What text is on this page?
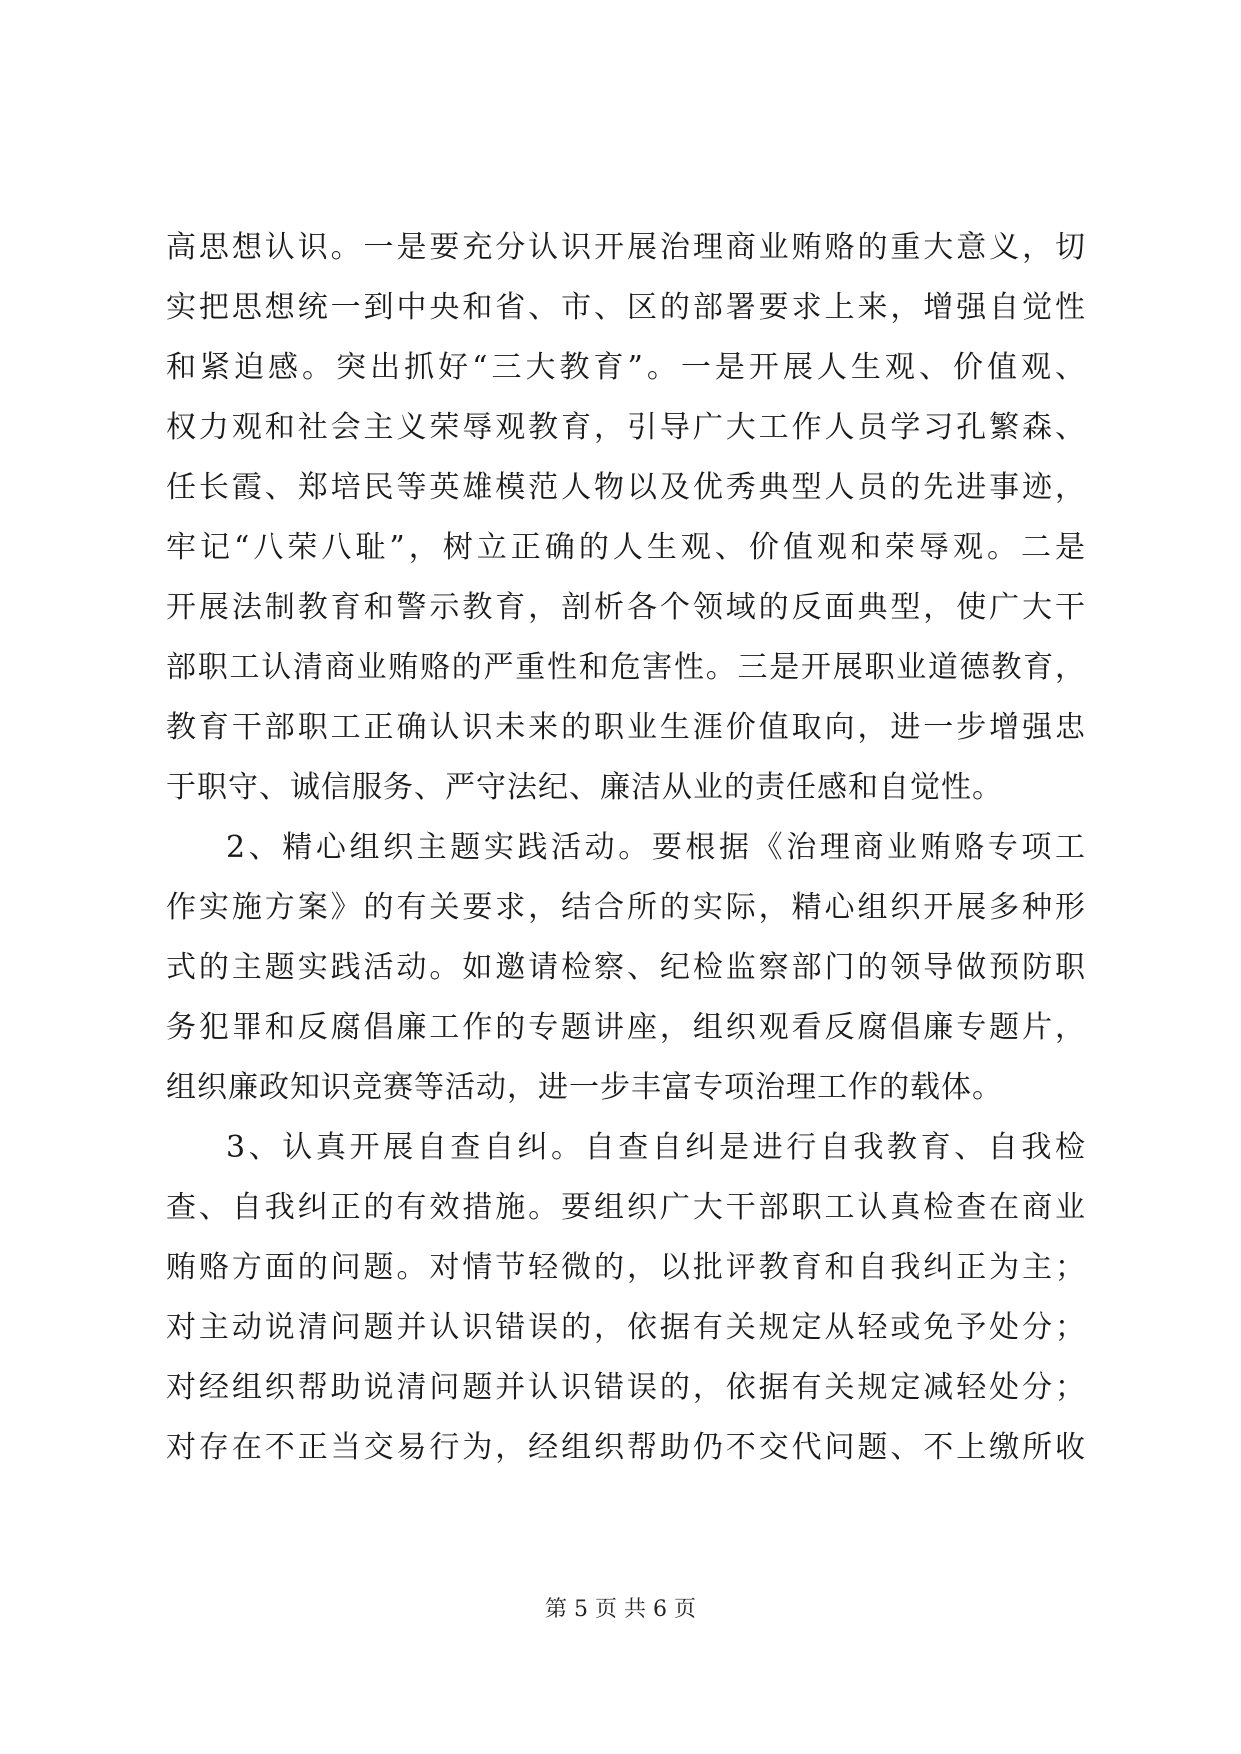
高思想认识。一是要充分认识开展治理商业贿赂的重大意义，切
实把思想统一到中央和省、市、区的部署要求上来，增强自觉性
和紧迫感。突出抓好“三大教育”。一是开展人生观、价值观、
权力观和社会主义荣辱观教育，引导广大工作人员学习孔繁森、
任长霞、郑培民等英雄模范人物以及优秀典型人员的先进事迹，
牢记“八荣八耻”，树立正确的人生观、价值观和荣辱观。二是
开展法制教育和警示教育，剖析各个领域的反面典型，使广大干
部职工认清商业贿赂的严重性和危害性。三是开展职业道德教育，
教育干部职工正确认识未来的职业生涯价值取向，进一步增强忠
于职守、诚信服务、严守法纪、廉洁从业的责任感和自觉性。
2、精心组织主题实践活动。要根据《治理商业贿赂专项工
作实施方案》的有关要求，结合所的实际，精心组织开展多种形
式的主题实践活动。如邀请检察、纪检监察部门的领导做预防职
务犯罪和反腐倡廉工作的专题讲座，组织观看反腐倡廉专题片，
组织廉政知识竞赛等活动，进一步丰富专项治理工作的载体。
3、认真开展自查自纠。自查自纠是进行自我教育、自我检
查、自我纠正的有效措施。要组织广大干部职工认真检查在商业
贿赂方面的问题。对情节轻微的，以批评教育和自我纠正为主；
对主动说清问题并认识错误的，依据有关规定从轻或免予处分；
对经组织帮助说清问题并认识错误的，依据有关规定减轻处分；
对存在不正当交易行为，经组织帮助仍不交代问题、不上缴所收
第 5 页 共 6 页
